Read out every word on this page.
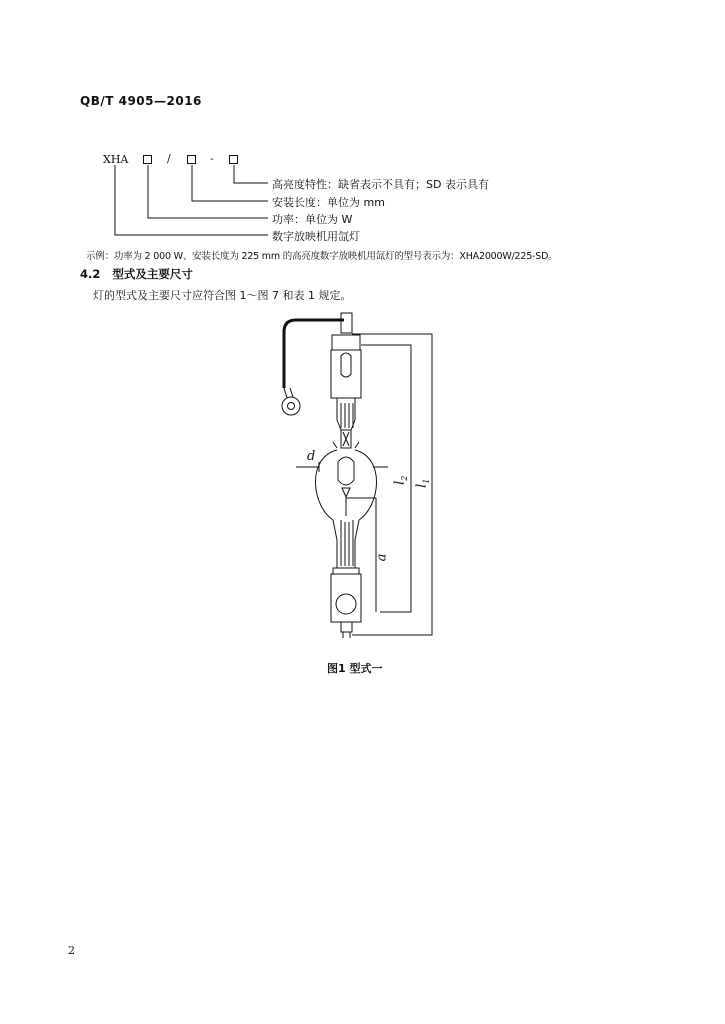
QB/T 4905—2016
XHA	/	-
高亮度特性：缺省表示不具有；SD 表示具有
安装长度：单位为 mm
功率：单位为 W
数字放映机用氙灯
示例：功率为 2 000 W、安装长度为 225 mm 的高亮度数字放映机用氙灯的型号表示为：XHA2000W/225-SD。
4.2 型式及主要尺寸
灯的型式及主要尺寸应符合图 1～图 7 和表 1 规定。
d
a
$l_2$
$l_1$
图1 型式一
2
